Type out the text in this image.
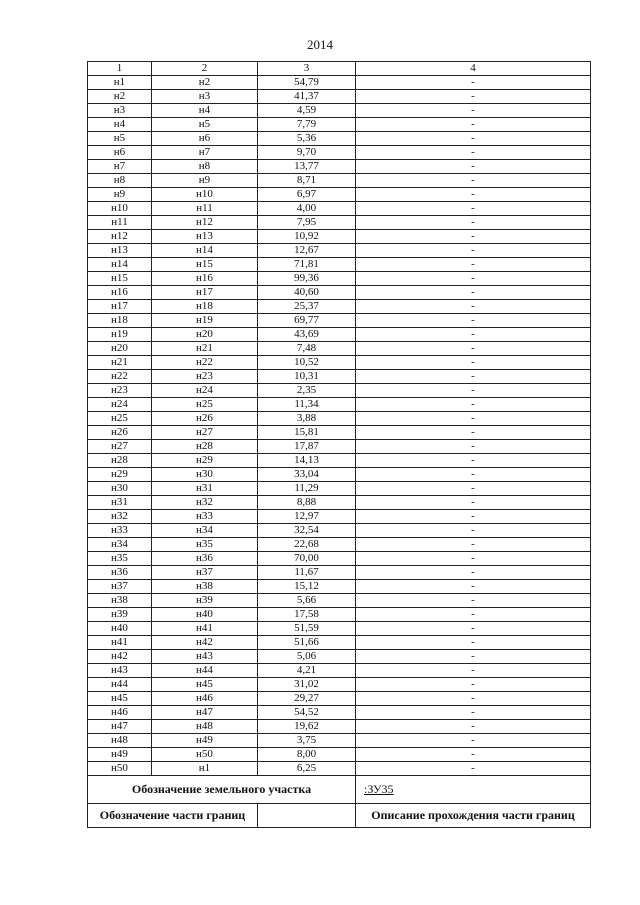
2014
1	2	3	4
н1	н2	54,79	-
н2	н3	41,37	-
н3	н4	4,59	-
н4	н5	7,79	-
н5	н6	5,36	-
н6	н7	9,70	-
н7	н8	13,77	-
н8	н9	8,71	-
н9	н10	6,97	-
н10	н11	4,00	-
н11	н12	7,95	-
н12	н13	10,92	-
н13	н14	12,67	-
н14	н15	71,81	-
н15	н16	99,36	-
н16	н17	40,60	-
н17	н18	25,37	-
н18	н19	69,77	-
н19	н20	43,69	-
н20	н21	7,48	-
н21	н22	10,52	-
н22	н23	10,31	-
н23	н24	2,35	-
н24	н25	11,34	-
н25	н26	3,88	-
н26	н27	15,81	-
н27	н28	17,87	-
н28	н29	14,13	-
н29	н30	33,04	-
н30	н31	11,29	-
н31	н32	8,88	-
н32	н33	12,97	-
н33	н34	32,54	-
н34	н35	22,68	-
н35	н36	70,00	-
н36	н37	11,67	-
н37	н38	15,12	-
н38	н39	5,66	-
н39	н40	17,58	-
н40	н41	51,59	-
н41	н42	51,66	-
н42	н43	5,06	-
н43	н44	4,21	-
н44	н45	31,02	-
н45	н46	29,27	-
н46	н47	54,52	-
н47	н48	19,62	-
н48	н49	3,75	-
н49	н50	8,00	-
н50	н1	6,25	-
Обозначение земельного участка			:ЗУ35
Обозначение части границ			Описание прохождения части границ
